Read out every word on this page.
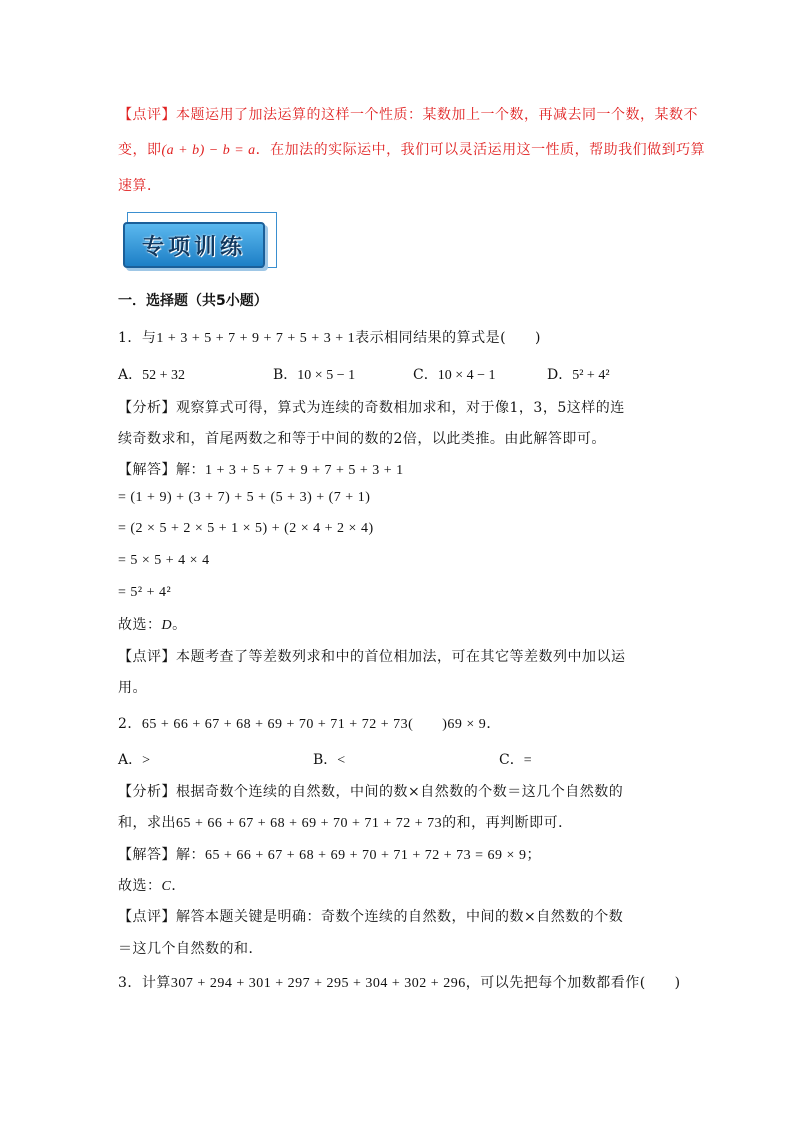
【点评】本题运用了加法运算的这样一个性质：某数加上一个数，再减去同一个数，某数不
变，即(a + b) − b = a．在加法的实际运中，我们可以灵活运用这一性质，帮助我们做到巧算
速算．
专项训练
一．选择题（共5小题）
1．与1 + 3 + 5 + 7 + 9 + 7 + 5 + 3 + 1表示相同结果的算式是(　　)
A．52 + 32	B．10 × 5 − 1	C．10 × 4 − 1	D．5² + 4²
【分析】观察算式可得，算式为连续的奇数相加求和，对于像1，3，5这样的连
续奇数求和，首尾两数之和等于中间的数的2倍，以此类推。由此解答即可。
【解答】解：1 + 3 + 5 + 7 + 9 + 7 + 5 + 3 + 1
= (1 + 9) + (3 + 7) + 5 + (5 + 3) + (7 + 1)
= (2 × 5 + 2 × 5 + 1 × 5) + (2 × 4 + 2 × 4)
= 5 × 5 + 4 × 4
= 5² + 4²
故选：D。
【点评】本题考查了等差数列求和中的首位相加法，可在其它等差数列中加以运
用。
2．65 + 66 + 67 + 68 + 69 + 70 + 71 + 72 + 73(　　)69 × 9．
A．>	B．<	C．=
【分析】根据奇数个连续的自然数，中间的数×自然数的个数＝这几个自然数的
和，求出65 + 66 + 67 + 68 + 69 + 70 + 71 + 72 + 73的和，再判断即可．
【解答】解：65 + 66 + 67 + 68 + 69 + 70 + 71 + 72 + 73 = 69 × 9；
故选：C．
【点评】解答本题关键是明确：奇数个连续的自然数，中间的数×自然数的个数
＝这几个自然数的和．
3．计算307 + 294 + 301 + 297 + 295 + 304 + 302 + 296，可以先把每个加数都看作(　　)
